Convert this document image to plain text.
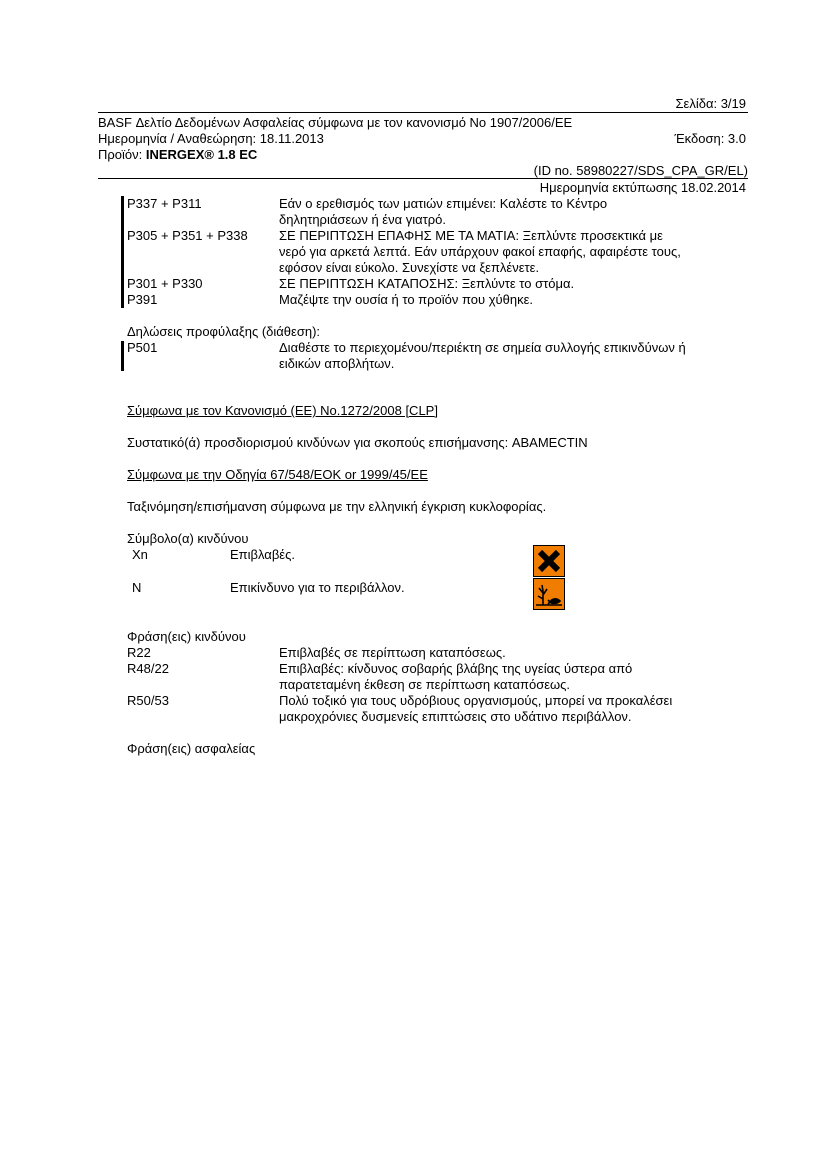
Σελίδα: 3/19
BASF Δελτίο Δεδομένων Ασφαλείας σύμφωνα με τον κανονισμό Νο 1907/2006/ΕΕ
Ημερομηνία / Αναθεώρηση: 18.11.2013	Έκδοση: 3.0
Προϊόν: INERGEX® 1.8 EC
(ID no. 58980227/SDS_CPA_GR/EL)
Ημερομηνία εκτύπωσης 18.02.2014
P337 + P311	Εάν ο ερεθισμός των ματιών επιμένει: Καλέστε το Κέντρο
δηλητηριάσεων ή ένα γιατρό.
P305 + P351 + P338 ΣΕ ΠΕΡΙΠΤΩΣΗ ΕΠΑΦΗΣ ΜΕ ΤΑ ΜΑΤΙΑ: Ξεπλύντε προσεκτικά με
νερό για αρκετά λεπτά. Εάν υπάρχουν φακοί επαφής, αφαιρέστε τους,
εφόσον είναι εύκολο. Συνεχίστε να ξεπλένετε.
P301 + P330	ΣΕ ΠΕΡΙΠΤΩΣΗ ΚΑΤΑΠΟΣΗΣ: Ξεπλύντε το στόμα.
P391	Μαζέψτε την ουσία ή το προϊόν που χύθηκε.
Δηλώσεις προφύλαξης (διάθεση):
P501	Διαθέστε το περιεχομένου/περιέκτη σε σημεία συλλογής επικινδύνων ή
ειδικών αποβλήτων.
Σύμφωνα με τον Κανονισμό (ΕΕ) No.1272/2008 [CLP]
Συστατικό(ά) προσδιορισμού κινδύνων για σκοπούς επισήμανσης: ABAMECTIN
Σύμφωνα με την Οδηγία 67/548/ΕΟΚ or 1999/45/ΕΕ
Ταξινόμηση/επισήμανση σύμφωνα με την ελληνική έγκριση κυκλοφορίας.
Σύμβολο(α) κινδύνου
Xn	Επιβλαβές.
N	Επικίνδυνο για το περιβάλλον.
Φράση(εις) κινδύνου
R22	Επιβλαβές σε περίπτωση καταπόσεως.
R48/22	Επιβλαβές: κίνδυνος σοβαρής βλάβης της υγείας ύστερα από
παρατεταμένη έκθεση σε περίπτωση καταπόσεως.
R50/53	Πολύ τοξικό για τους υδρόβιους οργανισμούς, μπορεί να προκαλέσει
μακροχρόνιες δυσμενείς επιπτώσεις στο υδάτινο περιβάλλον.
Φράση(εις) ασφαλείας
